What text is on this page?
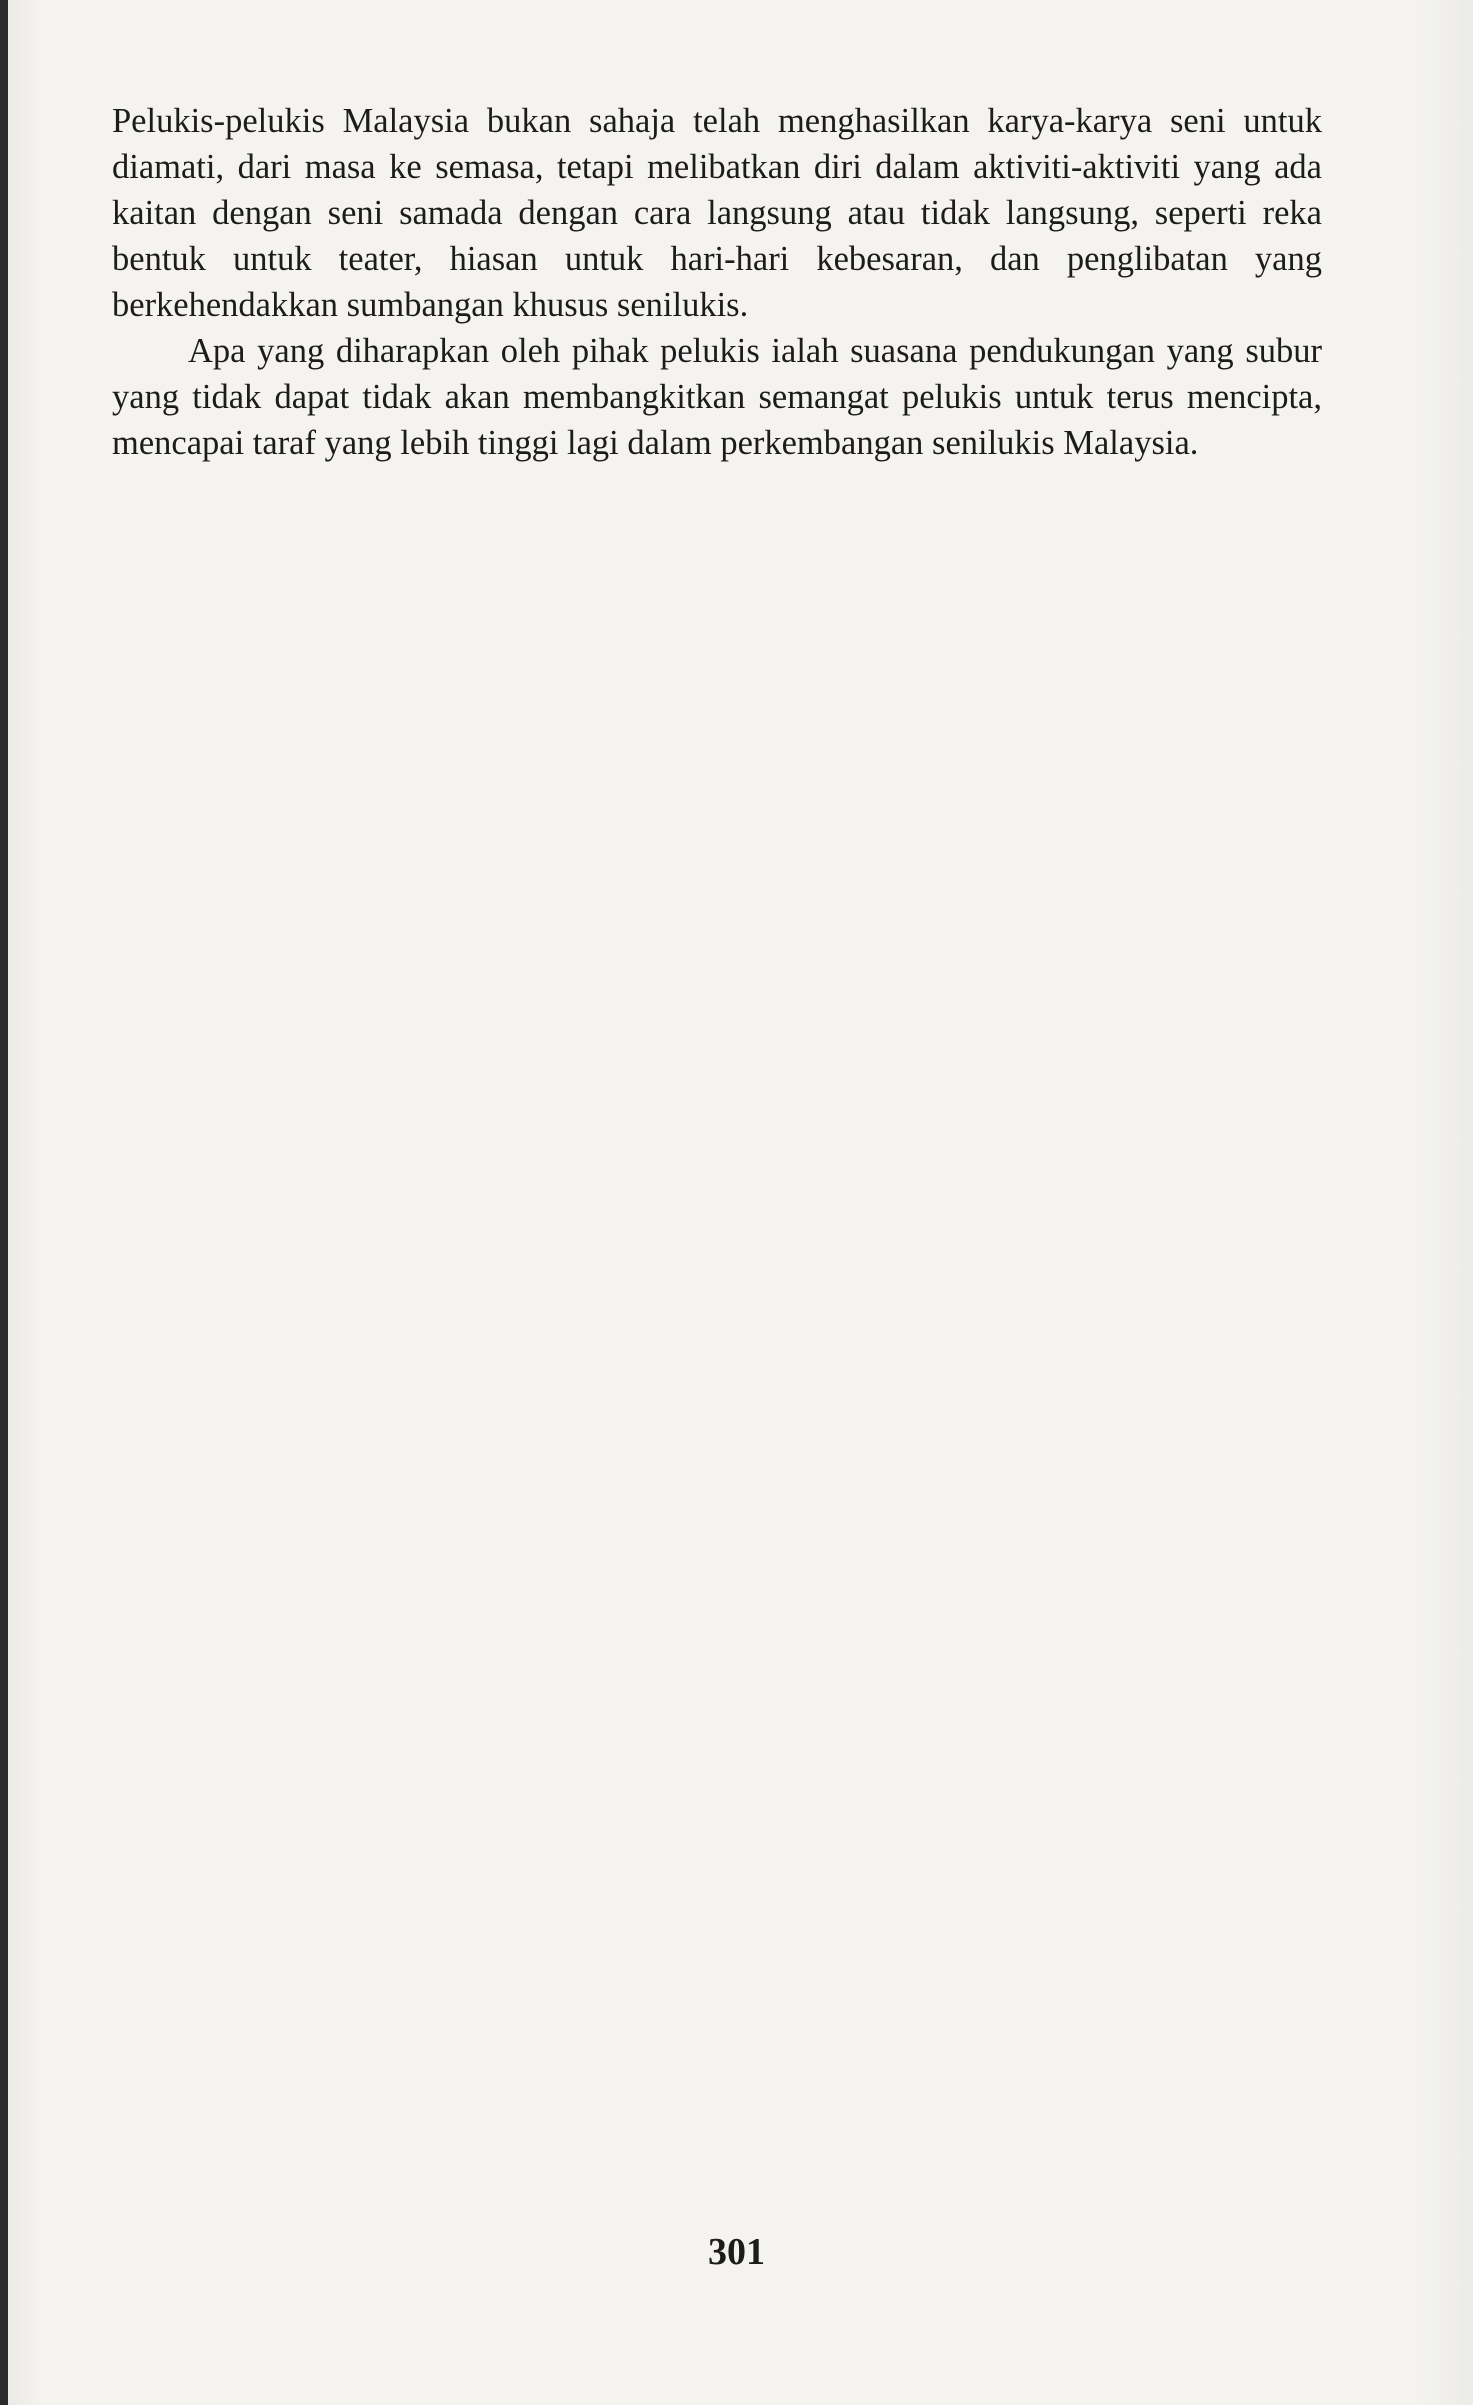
Pelukis-pelukis Malaysia bukan sahaja telah menghasilkan karya-karya seni untuk diamati, dari masa ke semasa, tetapi melibatkan diri dalam aktiviti-aktiviti yang ada kaitan dengan seni samada dengan cara langsung atau tidak langsung, seperti reka bentuk untuk teater, hiasan untuk hari-hari kebesaran, dan penglibatan yang berkehendakkan sumbangan khusus senilukis.

Apa yang diharapkan oleh pihak pelukis ialah suasana pendukungan yang subur yang tidak dapat tidak akan membangkitkan semangat pelukis untuk terus mencipta, mencapai taraf yang lebih tinggi lagi dalam perkembangan senilukis Malaysia.

301
